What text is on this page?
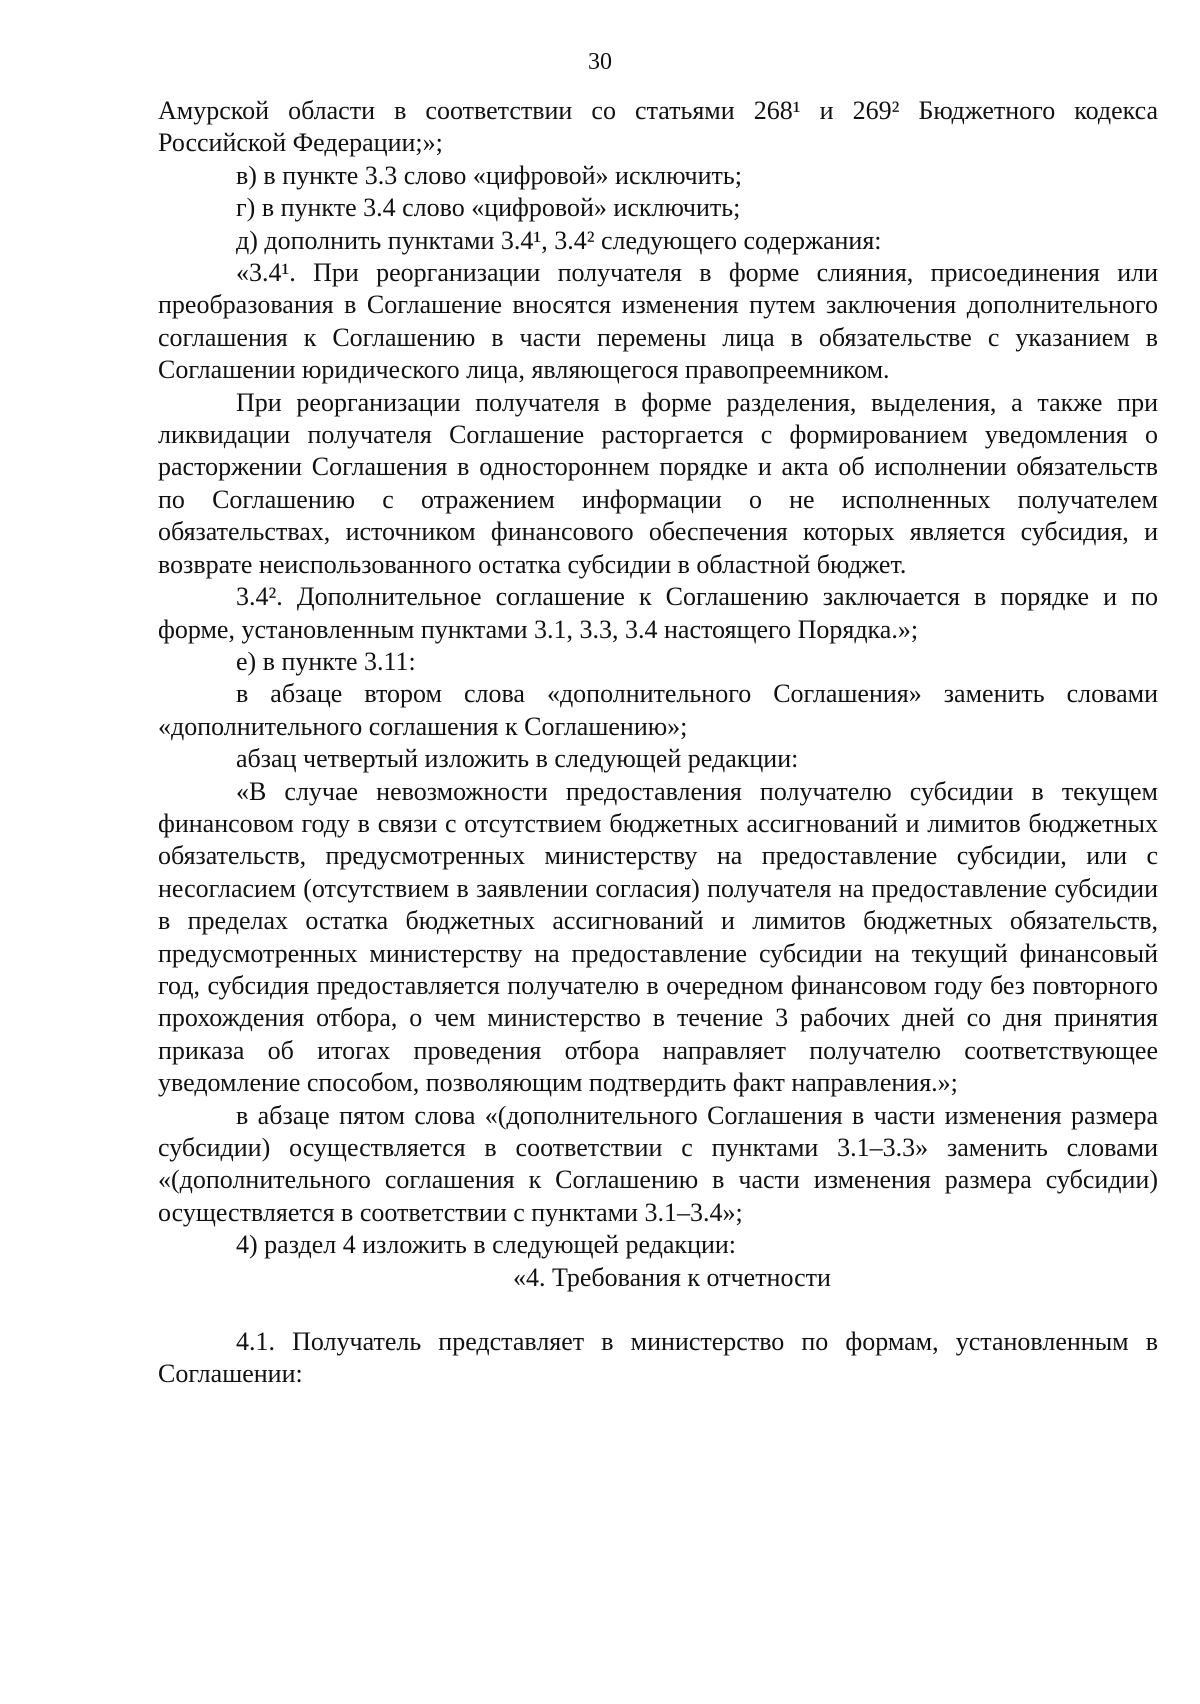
30

Амурской области в соответствии со статьями 268¹ и 269² Бюджетного кодекса Российской Федерации;»;

в) в пункте 3.3 слово «цифровой» исключить;

г) в пункте 3.4 слово «цифровой» исключить;

д) дополнить пунктами 3.4¹, 3.4² следующего содержания:

«3.4¹. При реорганизации получателя в форме слияния, присоединения или преобразования в Соглашение вносятся изменения путем заключения дополнительного соглашения к Соглашению в части перемены лица в обязательстве с указанием в Соглашении юридического лица, являющегося правопреемником.

При реорганизации получателя в форме разделения, выделения, а также при ликвидации получателя Соглашение расторгается с формированием уведомления о расторжении Соглашения в одностороннем порядке и акта об исполнении обязательств по Соглашению с отражением информации о не исполненных получателем обязательствах, источником финансового обеспечения которых является субсидия, и возврате неиспользованного остатка субсидии в областной бюджет.

3.4². Дополнительное соглашение к Соглашению заключается в порядке и по форме, установленным пунктами 3.1, 3.3, 3.4 настоящего Порядка.»;

е) в пункте 3.11:

в абзаце втором слова «дополнительного Соглашения» заменить словами «дополнительного соглашения к Соглашению»;

абзац четвертый изложить в следующей редакции:

«В случае невозможности предоставления получателю субсидии в текущем финансовом году в связи с отсутствием бюджетных ассигнований и лимитов бюджетных обязательств, предусмотренных министерству на предоставление субсидии, или с несогласием (отсутствием в заявлении согласия) получателя на предоставление субсидии в пределах остатка бюджетных ассигнований и лимитов бюджетных обязательств, предусмотренных министерству на предоставление субсидии на текущий финансовый год, субсидия предоставляется получателю в очередном финансовом году без повторного прохождения отбора, о чем министерство в течение 3 рабочих дней со дня принятия приказа об итогах проведения отбора направляет получателю соответствующее уведомление способом, позволяющим подтвердить факт направления.»;

в абзаце пятом слова «(дополнительного Соглашения в части изменения размера субсидии) осуществляется в соответствии с пунктами 3.1–3.3» заменить словами «(дополнительного соглашения к Соглашению в части изменения размера субсидии) осуществляется в соответствии с пунктами 3.1–3.4»;

4) раздел 4 изложить в следующей редакции:

«4. Требования к отчетности

4.1. Получатель представляет в министерство по формам, установленным в Соглашении:
